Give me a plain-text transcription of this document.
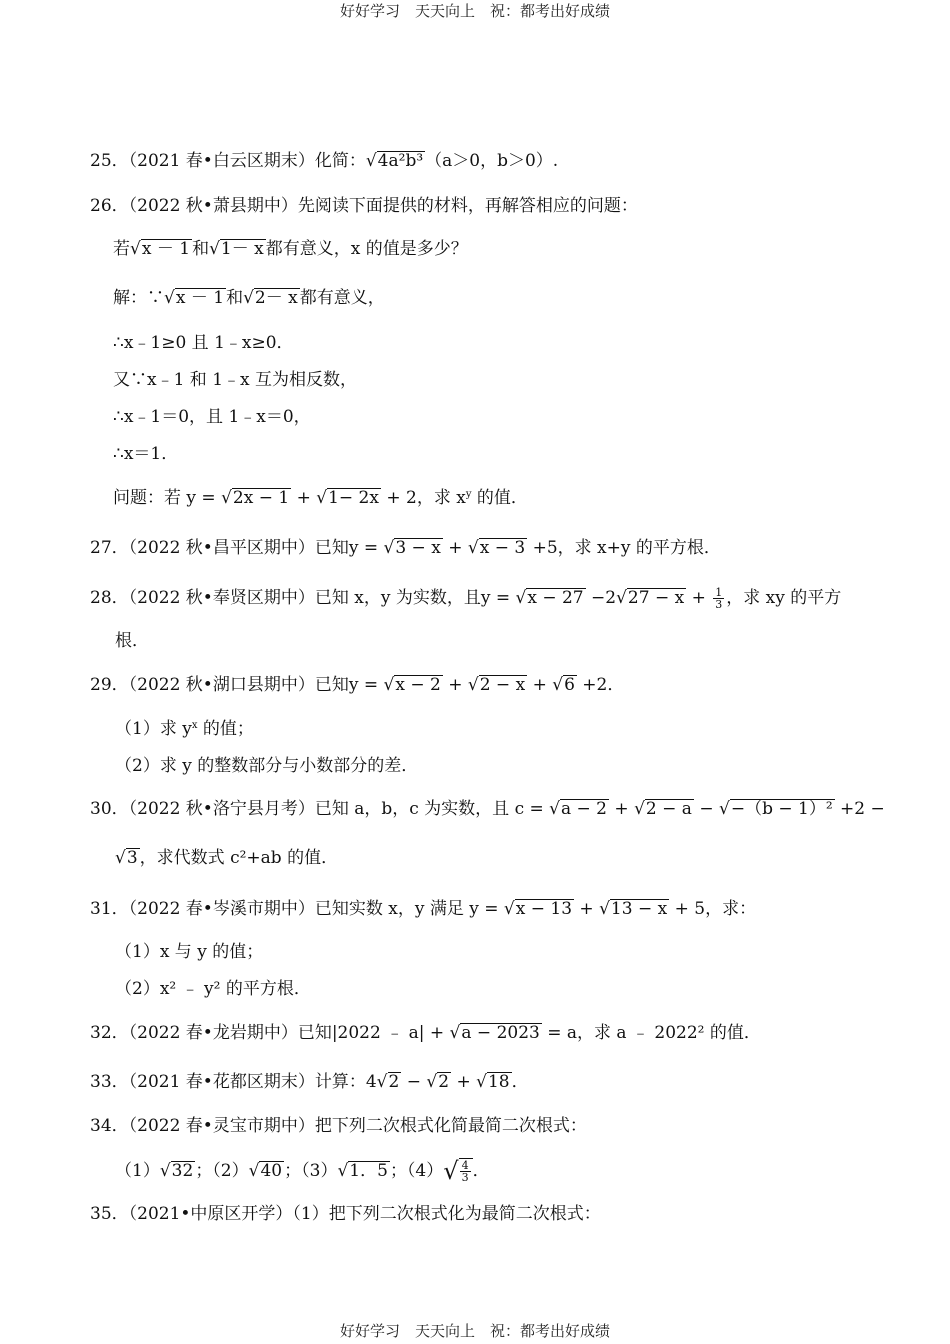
好好学习　天天向上　祝：都考出好成绩
25．（2021 春•白云区期末）化简：√4a²b³ （a＞0，b＞0）.
26．（2022 秋•萧县期中）先阅读下面提供的材料，再解答相应的问题：
若√x － 1 和√1－ x 都有意义，x 的值是多少？
解：∵√x － 1 和√2－ x 都有意义，
∴x﹣1≥0 且 1﹣x≥0．
又∵x﹣1 和 1﹣x 互为相反数，
∴x﹣1＝0，且 1﹣x＝0，
∴x＝1．
问题：若 y = √2x − 1 + √1− 2x + 2，求 $x^y$ 的值．
27．（2022 秋•昌平区期中）已知y = √3 − x + √x − 3 +5，求 x+y 的平方根．
28．（2022 秋•奉贤区期中）已知 x，y 为实数，且$y = √x - 27 -2√27 - x + \frac{1}{3}$ ，求 xy 的平方
根．
29．（2022 秋•湖口县期中）已知y = √x − 2 + √2 − x + √6 +2．
（1）求 $y^x$ 的值；
（2）求 y 的整数部分与小数部分的差．
30．（2022 秋•洛宁县月考）已知 a，b，c 为实数，且 c = √a − 2 + √2 − a − √−（b − 1）² +2 −
√3 ，求代数式 c²+ab 的值．
31．（2022 春•岑溪市期中）已知实数 x，y 满足 y = √x − 13 + √13 − x + 5，求：
（1）x 与 y 的值；
（2）x² ﹣ y² 的平方根．
32．（2022 春•龙岩期中）已知|2022 ﹣ a| + √a − 2023 = a，求 a ﹣ 2022² 的值．
33．（2021 春•花都区期末）计算：4√2 − √2 + √18 ．
34．（2022 春•灵宝市期中）把下列二次根式化简最简二次根式：
（1）√32 ；（2）√40 ；（3）√1．5 ；$(4)√ \frac{4}{3}$ ．
35．（2021•中原区开学）（1）把下列二次根式化为最简二次根式：
好好学习　天天向上　祝：都考出好成绩
